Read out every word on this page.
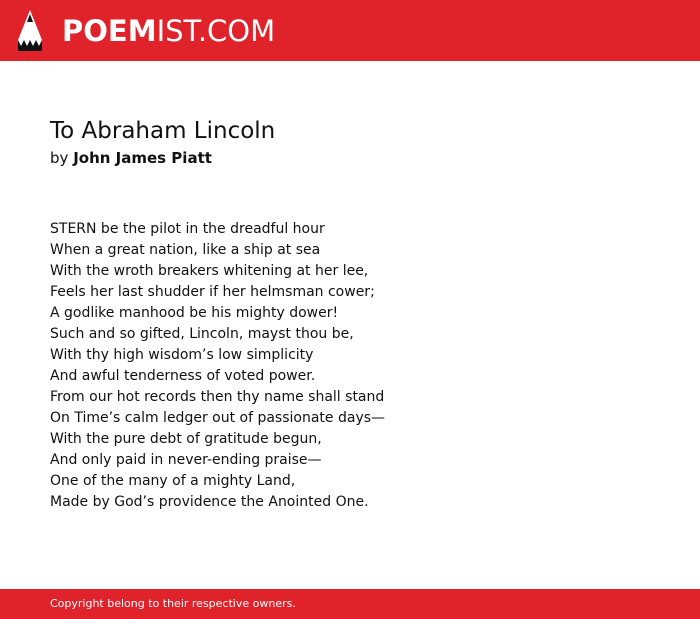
POEMIST.COM
To Abraham Lincoln
by John James Piatt
STERN be the pilot in the dreadful hour
When a great nation, like a ship at sea
With the wroth breakers whitening at her lee,
Feels her last shudder if her helmsman cower;
A godlike manhood be his mighty dower!
Such and so gifted, Lincoln, mayst thou be,
With thy high wisdom’s low simplicity
And awful tenderness of voted power.
From our hot records then thy name shall stand
On Time’s calm ledger out of passionate days—
With the pure debt of gratitude begun,
And only paid in never-ending praise—
One of the many of a mighty Land,
Made by God’s providence the Anointed One.
Copyright belong to their respective owners.
